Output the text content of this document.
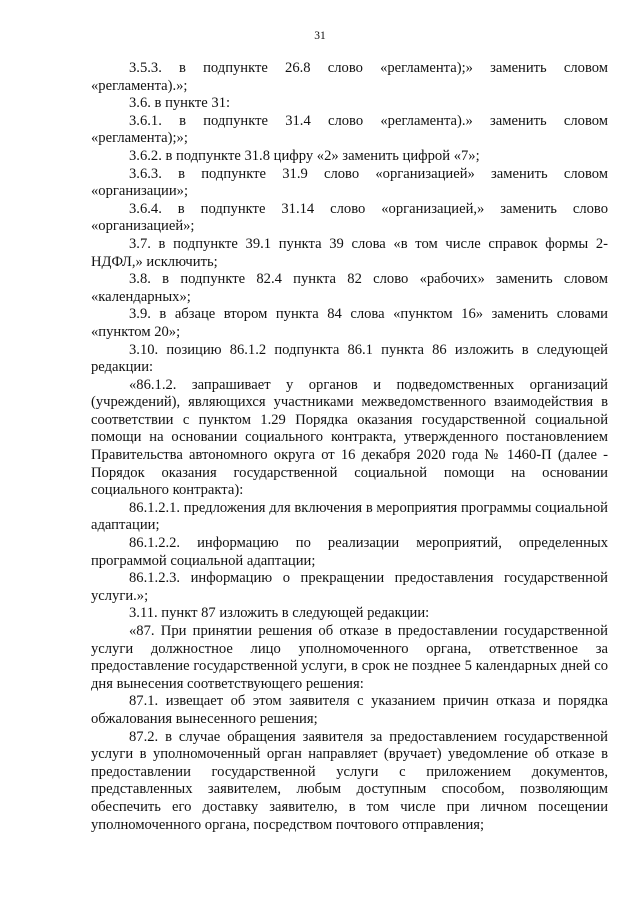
31

3.5.3. в подпункте 26.8 слово «регламента);» заменить словом «регламента).»;

3.6. в пункте 31:

3.6.1. в подпункте 31.4 слово «регламента).» заменить словом «регламента);»;

3.6.2. в подпункте 31.8 цифру «2» заменить цифрой «7»;

3.6.3. в подпункте 31.9 слово «организацией» заменить словом «организации»;

3.6.4. в подпункте 31.14 слово «организацией,» заменить слово «организацией»;

3.7. в подпункте 39.1 пункта 39 слова «в том числе справок формы 2-НДФЛ,» исключить;

3.8. в подпункте 82.4 пункта 82 слово «рабочих» заменить словом «календарных»;

3.9. в абзаце втором пункта 84 слова «пунктом 16» заменить словами «пунктом 20»;

3.10. позицию 86.1.2 подпункта 86.1 пункта 86 изложить в следующей редакции:

«86.1.2. запрашивает у органов и подведомственных организаций (учреждений), являющихся участниками межведомственного взаимодействия в соответствии с пунктом 1.29 Порядка оказания государственной социальной помощи на основании социального контракта, утвержденного постановлением Правительства автономного округа от 16 декабря 2020 года № 1460-П (далее - Порядок оказания государственной социальной помощи на основании социального контракта):

86.1.2.1. предложения для включения в мероприятия программы социальной адаптации;

86.1.2.2. информацию по реализации мероприятий, определенных программой социальной адаптации;

86.1.2.3. информацию о прекращении предоставления государственной услуги.»;

3.11. пункт 87 изложить в следующей редакции:

«87. При принятии решения об отказе в предоставлении государственной услуги должностное лицо уполномоченного органа, ответственное за предоставление государственной услуги, в срок не позднее 5 календарных дней со дня вынесения соответствующего решения:

87.1. извещает об этом заявителя с указанием причин отказа и порядка обжалования вынесенного решения;

87.2. в случае обращения заявителя за предоставлением государственной услуги в уполномоченный орган направляет (вручает) уведомление об отказе в предоставлении государственной услуги с приложением документов, представленных заявителем, любым доступным способом, позволяющим обеспечить его доставку заявителю, в том числе при личном посещении уполномоченного органа, посредством почтового отправления;
